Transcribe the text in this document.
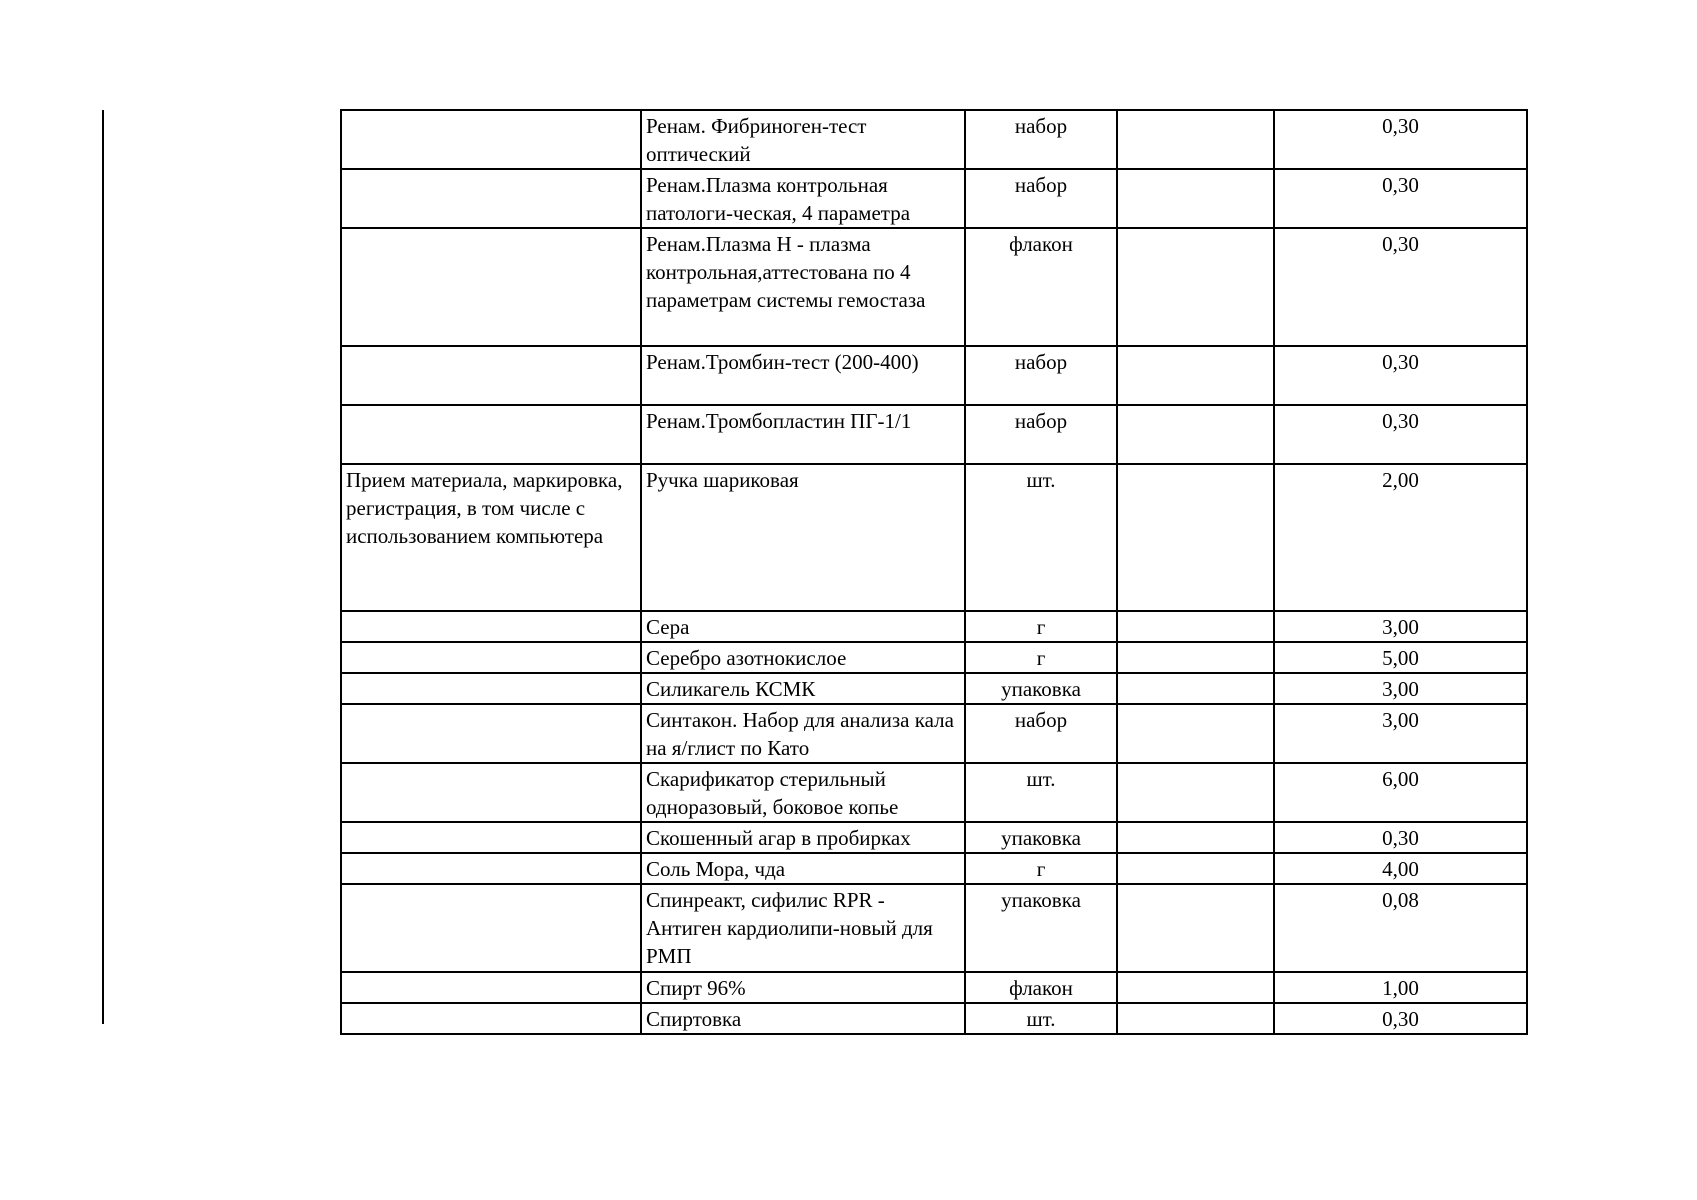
	Ренам. Фибриноген-тест оптический	набор		0,30
	Ренам.Плазма контрольная патологи-ческая, 4 параметра	набор		0,30
	Ренам.Плазма Н - плазма контрольная,аттестована по 4 параметрам системы гемостаза	флакон		0,30
	Ренам.Тромбин-тест (200-400)	набор		0,30
	Ренам.Тромбопластин ПГ-1/1	набор		0,30
Прием материала, маркировка, регистрация, в том числе с использованием компьютера	Ручка шариковая	шт.		2,00
	Сера	г		3,00
	Серебро азотнокислое	г		5,00
	Силикагель КСМК	упаковка		3,00
	Синтакон. Набор для анализа кала на я/глист по Като	набор		3,00
	Скарификатор стерильный одноразовый, боковое копье	шт.		6,00
	Скошенный агар в пробирках	упаковка		0,30
	Соль Мора, чда	г		4,00
	Спинреакт, сифилис RPR - Антиген кардиолипи-новый для РМП	упаковка		0,08
	Спирт 96%	флакон		1,00
	Спиртовка	шт.		0,30
